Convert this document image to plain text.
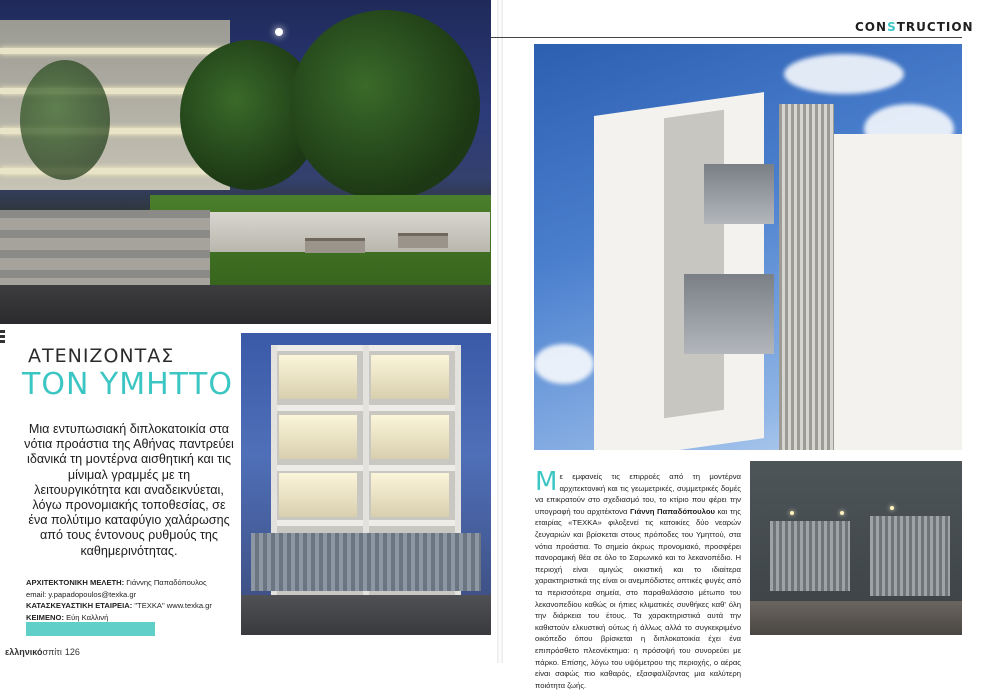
ΑΤΕΝΙΖΟΝΤΑΣ
ΤΟΝ ΥΜΗΤΤΟ
Μια εντυπωσιακή διπλοκατοικία στα νότια προάστια της Αθήνας παντρεύει ιδανικά τη μοντέρνα αισθητική και τις μίνιμαλ γραμμές με τη λειτουργικότητα και αναδεικνύεται, λόγω προνομιακής τοποθεσίας, σε ένα πολύτιμο καταφύγιο χαλάρωσης από τους έντονους ρυθμούς της καθημερινότητας.
ΑΡΧΙΤΕΚΤΟΝΙΚΗ ΜΕΛΕΤΗ: Γιάννης Παπαδόπουλος
email: y.papadopoulos@texka.gr
ΚΑΤΑΣΚΕΥΑΣΤΙΚΗ ΕΤΑΙΡΕΙΑ: "ΤΕΧΚΑ" www.texka.gr
ΚΕΙΜΕΝΟ: Εύη Καλλινή
ελληνικόσπίτι 126
CONSTRUCTION
Με εμφανείς τις επιρροές από τη μοντέρνα αρχιτεκτονική και τις γεωμετρικές, συμμετρικές δομές να επικρατούν στο σχεδιασμό του, το κτίριο που φέρει την υπογραφή του αρχιτέκτονα Γιάννη Παπαδόπουλου και της εταιρίας «ΤΕΧΚΑ» φιλοξενεί τις κατοικίες δύο νεαρών ζευγαριών και βρίσκεται στους πρόποδες του Υμηττού, στα νότια προάστια. Το σημείο άκρως προνομιακό, προσφέρει πανοραμική θέα σε όλο το Σαρωνικό και το λεκανοπέδιο. Η περιοχή είναι αμιγώς οικιστική και το ιδιαίτερα χαρακτηριστικά της είναι οι ανεμπόδιστες οπτικές φυγές από τα περισσότερα σημεία, στο παραθαλάσσιο μέτωπο του λεκανοπεδίου καθώς οι ήπιες κλιματικές συνθήκες καθ' όλη την διάρκεια του έτους. Τα χαρακτηριστικά αυτά την καθιστούν ελκυστική ούτως ή άλλως αλλά το συγκεκριμένο οικόπεδο όπου βρίσκεται η διπλοκατοικία έχει ένα επιπρόσθετο πλεονέκτημα: η πρόσοψή του συνορεύει με πάρκο. Επίσης, λόγω του υψόμετρου της περιοχής, ο αέρας είναι σαφώς πιο καθαρός, εξασφαλίζοντας μια καλύτερη ποιότητα ζωής.
